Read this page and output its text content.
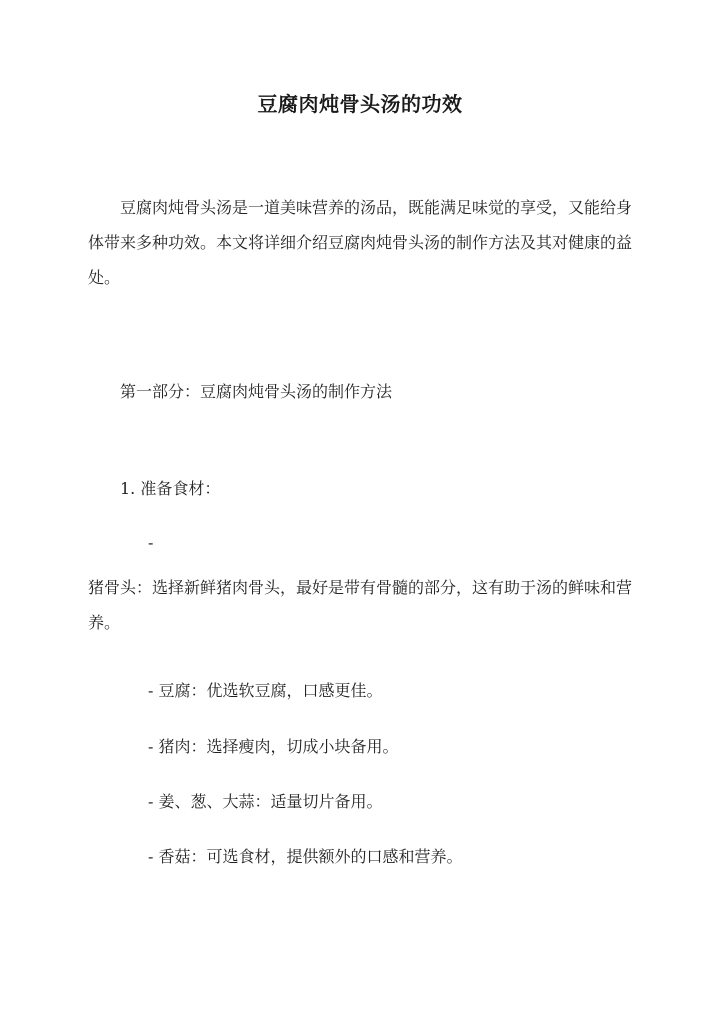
豆腐肉炖骨头汤的功效
豆腐肉炖骨头汤是一道美味营养的汤品，既能满足味觉的享受，又能给身体带来多种功效。本文将详细介绍豆腐肉炖骨头汤的制作方法及其对健康的益处。
第一部分：豆腐肉炖骨头汤的制作方法
1. 准备食材：
-
猪骨头：选择新鲜猪肉骨头，最好是带有骨髓的部分，这有助于汤的鲜味和营养。
- 豆腐：优选软豆腐，口感更佳。
- 猪肉：选择瘦肉，切成小块备用。
- 姜、葱、大蒜：适量切片备用。
- 香菇：可选食材，提供额外的口感和营养。
